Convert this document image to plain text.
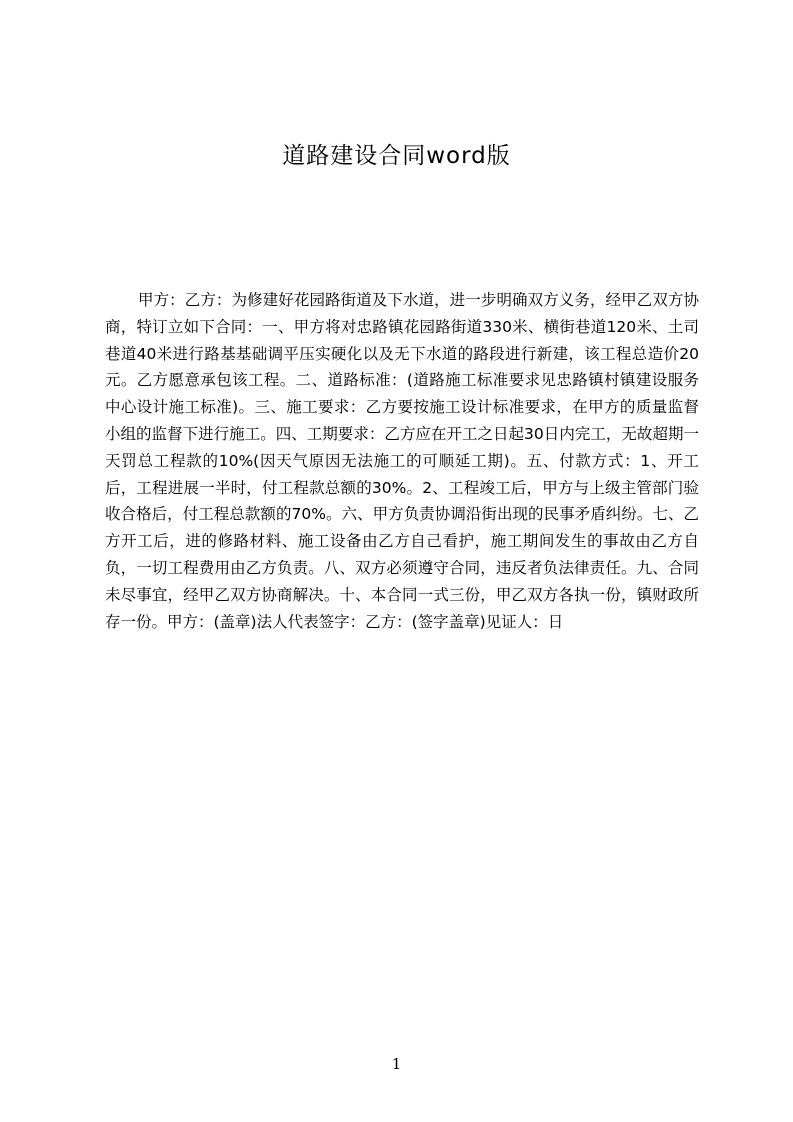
道路建设合同word版
甲方：乙方：为修建好花园路街道及下水道，进一步明确双方义务，经甲乙双方协商，特订立如下合同：一、甲方将对忠路镇花园路街道330米、横街巷道120米、土司巷道40米进行路基基础调平压实硬化以及无下水道的路段进行新建，该工程总造价20元。乙方愿意承包该工程。二、道路标准：(道路施工标准要求见忠路镇村镇建设服务中心设计施工标准)。三、施工要求：乙方要按施工设计标准要求，在甲方的质量监督小组的监督下进行施工。四、工期要求：乙方应在开工之日起30日内完工，无故超期一天罚总工程款的10%(因天气原因无法施工的可顺延工期)。五、付款方式：1、开工后，工程进展一半时，付工程款总额的30%。2、工程竣工后，甲方与上级主管部门验收合格后，付工程总款额的70%。六、甲方负责协调沿街出现的民事矛盾纠纷。七、乙方开工后，进的修路材料、施工设备由乙方自己看护，施工期间发生的事故由乙方自负，一切工程费用由乙方负责。八、双方必须遵守合同，违反者负法律责任。九、合同未尽事宜，经甲乙双方协商解决。十、本合同一式三份，甲乙双方各执一份，镇财政所存一份。甲方：(盖章)法人代表签字：乙方：(签字盖章)见证人：日
1
